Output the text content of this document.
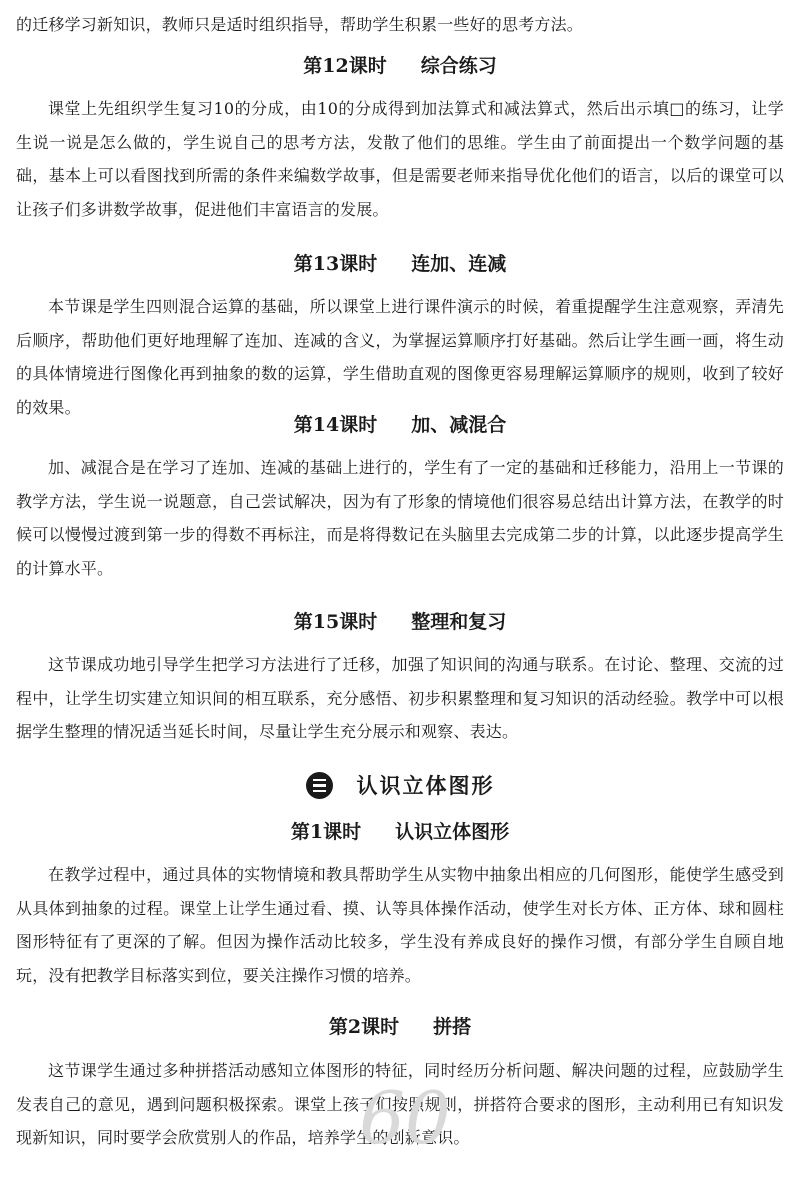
的迁移学习新知识，教师只是适时组织指导，帮助学生积累一些好的思考方法。

第12课时 综合练习

课堂上先组织学生复习10的分成，由10的分成得到加法算式和减法算式，然后出示填□的练习，让学生说一说是怎么做的，学生说自己的思考方法，发散了他们的思维。学生由了前面提出一个数学问题的基础，基本上可以看图找到所需的条件来编数学故事，但是需要老师来指导优化他们的语言，以后的课堂可以让孩子们多讲数学故事，促进他们丰富语言的发展。

第13课时 连加、连减

本节课是学生四则混合运算的基础，所以课堂上进行课件演示的时候，着重提醒学生注意观察，弄清先后顺序，帮助他们更好地理解了连加、连减的含义，为掌握运算顺序打好基础。然后让学生画一画，将生动的具体情境进行图像化再到抽象的数的运算，学生借助直观的图像更容易理解运算顺序的规则，收到了较好的效果。

第14课时 加、减混合

加、减混合是在学习了连加、连减的基础上进行的，学生有了一定的基础和迁移能力，沿用上一节课的教学方法，学生说一说题意，自己尝试解决，因为有了形象的情境他们很容易总结出计算方法，在教学的时候可以慢慢过渡到第一步的得数不再标注，而是将得数记在头脑里去完成第二步的计算，以此逐步提高学生的计算水平。

第15课时 整理和复习

这节课成功地引导学生把学习方法进行了迁移，加强了知识间的沟通与联系。在讨论、整理、交流的过程中，让学生切实建立知识间的相互联系，充分感悟、初步积累整理和复习知识的活动经验。教学中可以根据学生整理的情况适当延长时间，尽量让学生充分展示和观察、表达。

认识立体图形
第1课时 认识立体图形

在教学过程中，通过具体的实物情境和教具帮助学生从实物中抽象出相应的几何图形，能使学生感受到从具体到抽象的过程。课堂上让学生通过看、摸、认等具体操作活动，使学生对长方体、正方体、球和圆柱图形特征有了更深的了解。但因为操作活动比较多，学生没有养成良好的操作习惯，有部分学生自顾自地玩，没有把教学目标落实到位，要关注操作习惯的培养。

第2课时 拼搭

这节课学生通过多种拼搭活动感知立体图形的特征，同时经历分析问题、解决问题的过程，应鼓励学生发表自己的意见，遇到问题积极探索。课堂上孩子们按照规则，拼搭符合要求的图形，主动利用已有知识发现新知识，同时要学会欣赏别人的作品，培养学生的创新意识。

60
